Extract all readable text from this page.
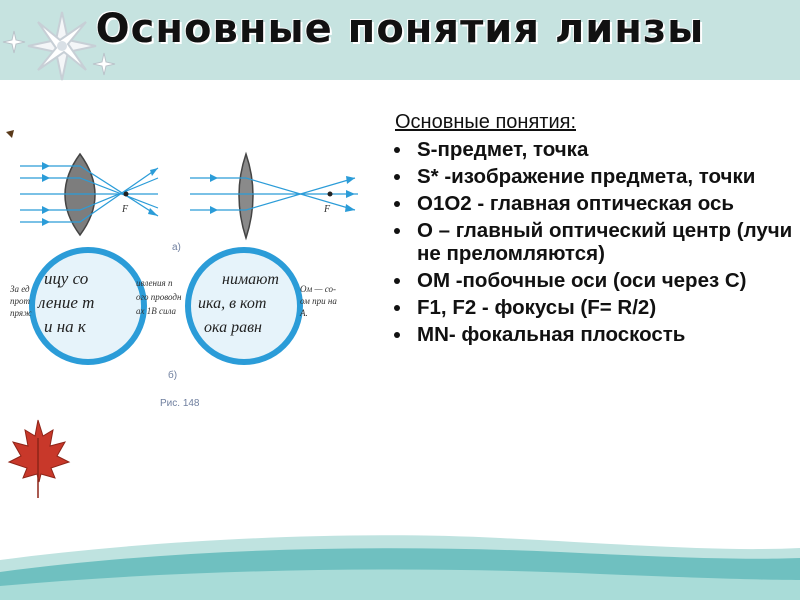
Основные понятия линзы
F	F
а)
ицу со
ление т
и на к
нимают
ика, в кот
ока равн
За ед
прот
пряж
ивления п
ого проводн
ах 1В сила
Ом — со-
ом при на
А.
б)
Рис. 148
Основные понятия:
• S-предмет, точка
• S* -изображение предмета, точки
• O1O2 - главная оптическая ось
• O – главный оптический центр (лучи не преломляются)
• ОМ -побочные оси (оси через С)
• F1, F2 - фокусы (F= R/2)
• MN- фокальная плоскость
